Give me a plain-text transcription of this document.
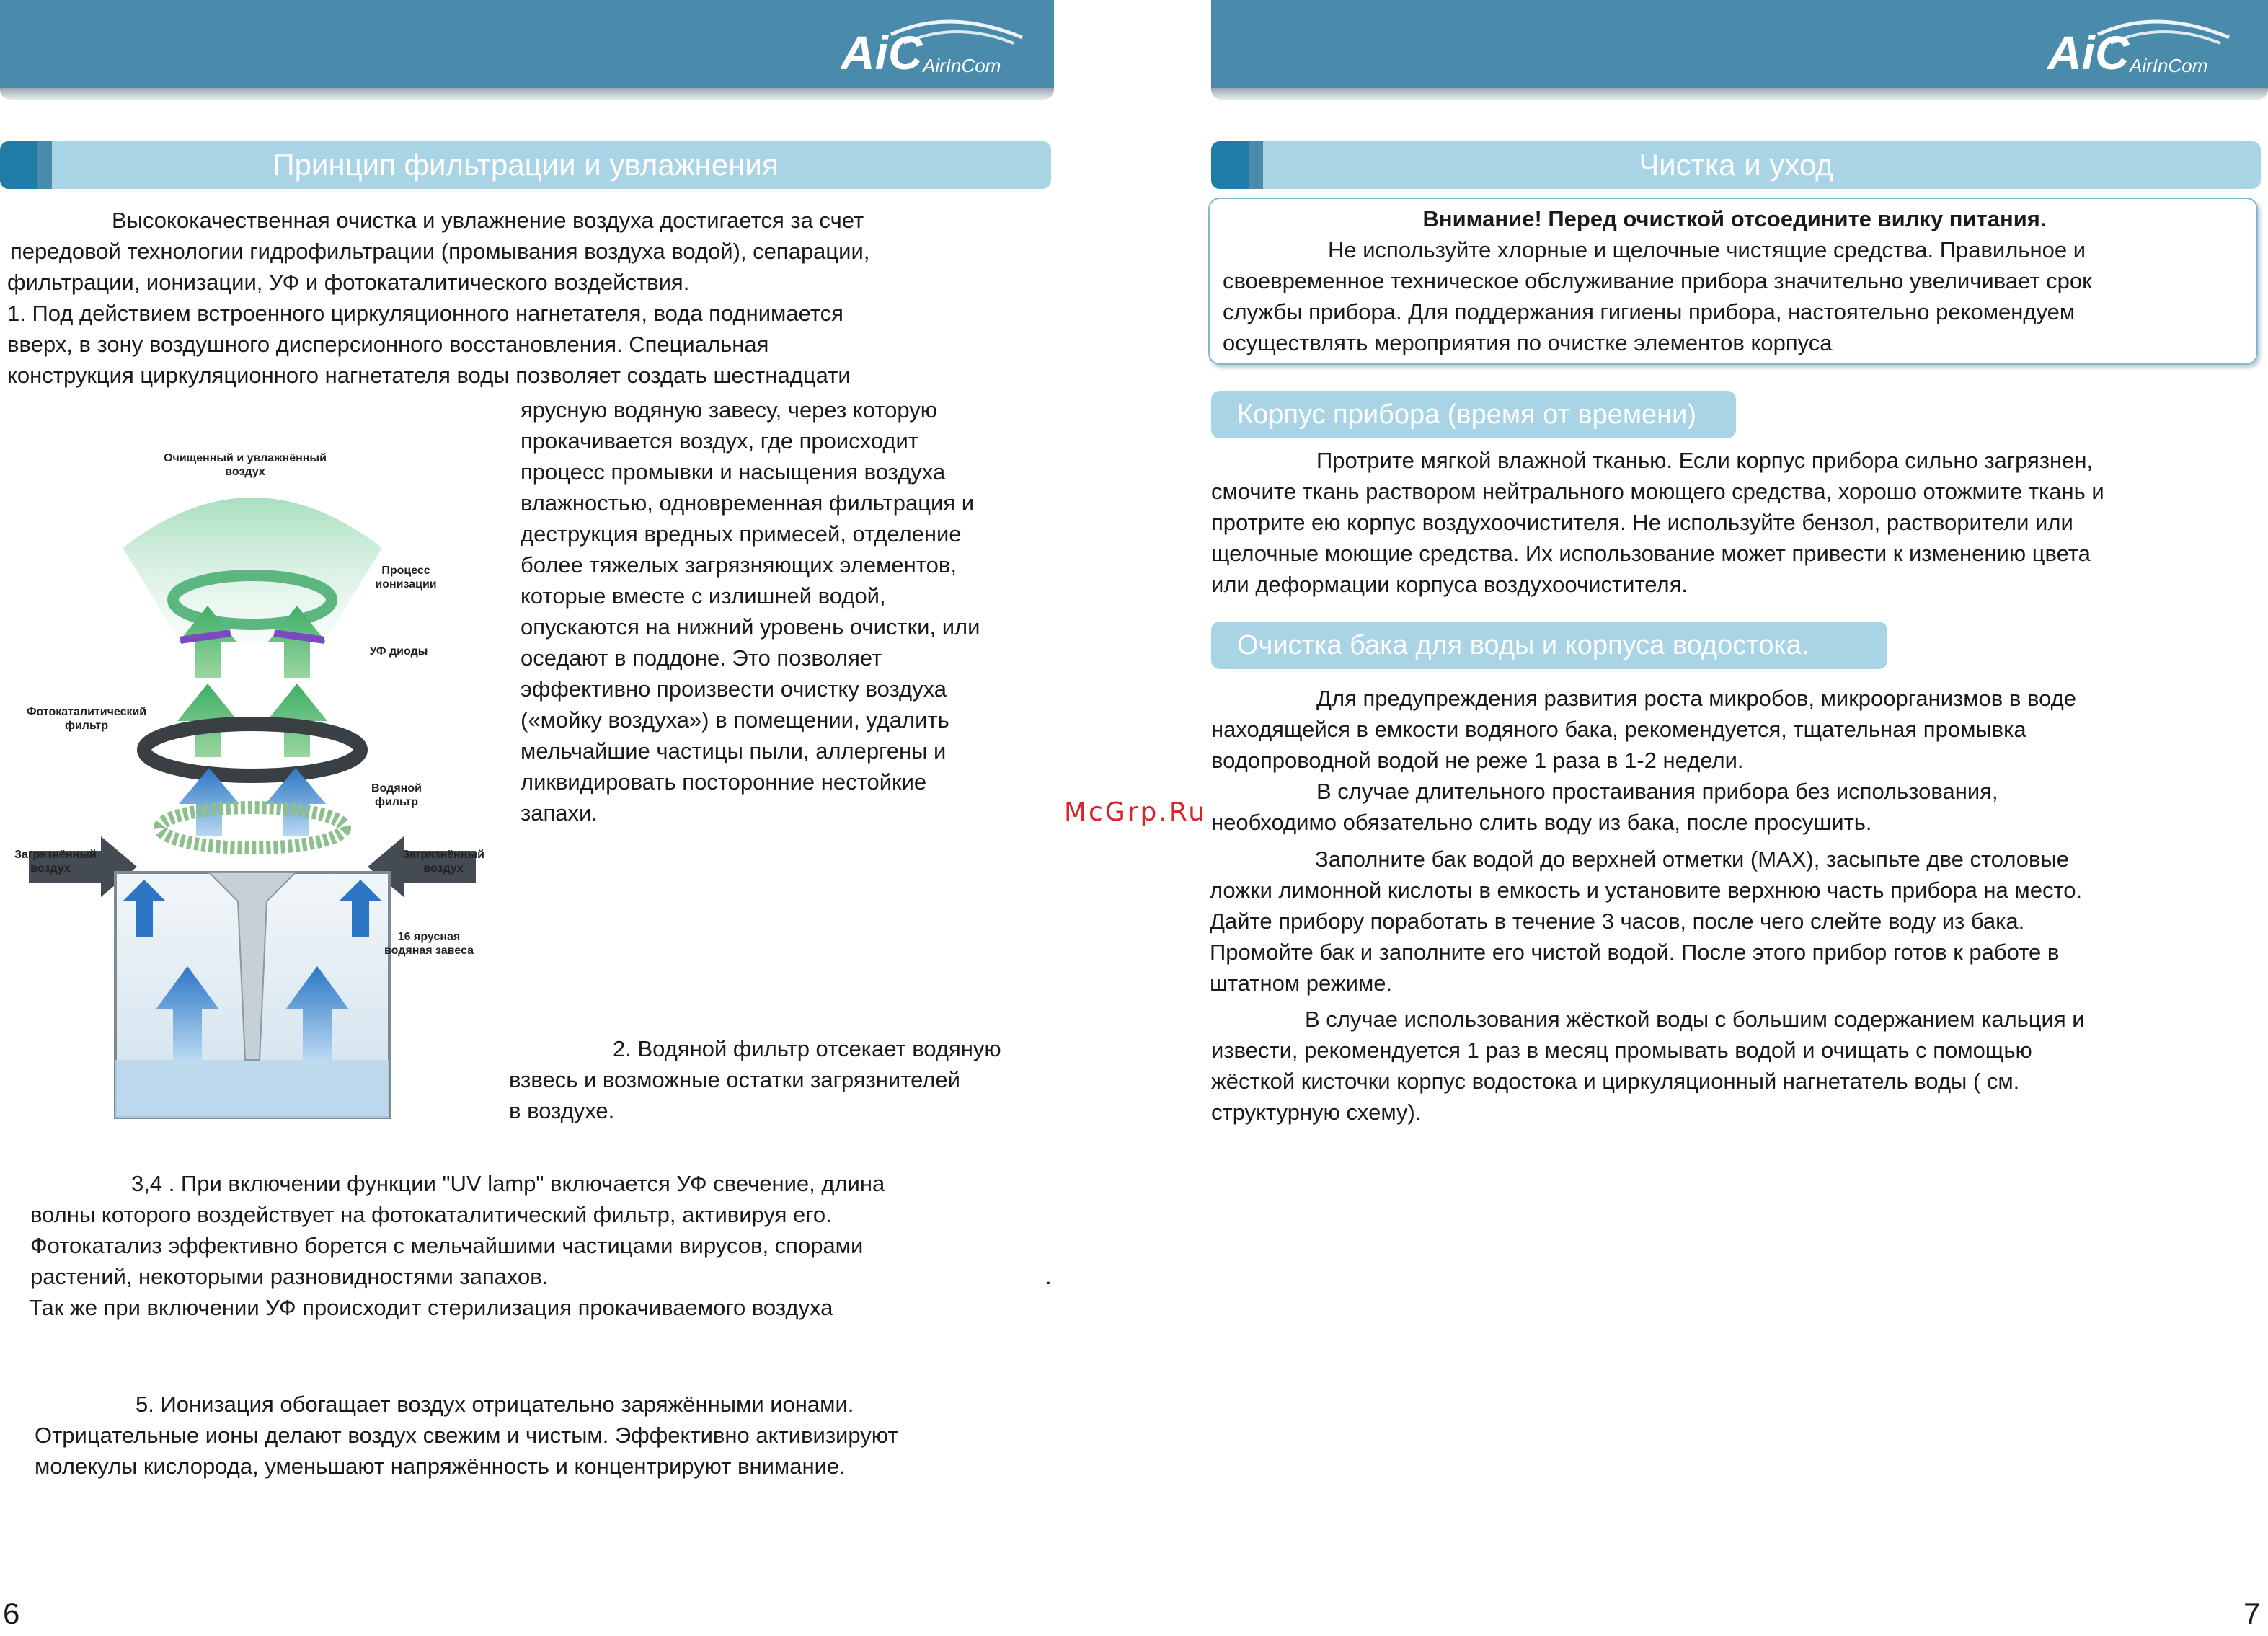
AiC AirInCom	AiC AirInCom
Принцип фильтрации и увлажнения

Высококачественная очистка и увлажнение воздуха достигается за счет

передовой технологии гидрофильтрации (промывания воздуха водой), сепарации,

фильтрации, ионизации, УФ и фотокаталитического воздействия.

1. Под действием встроенного циркуляционного нагнетателя, вода поднимается

вверх, в зону воздушного дисперсионного восстановления. Специальная

конструкция циркуляционного нагнетателя воды позволяет создать шестнадцати

ярусную водяную завесу, через которую

прокачивается воздух, где происходит

процесс промывки и насыщения воздуха

влажностью, одновременная фильтрация и

деструкция вредных примесей, отделение

более тяжелых загрязняющих элементов,

которые вместе с излишней водой,

опускаются на нижний уровень очистки, или

оседают в поддоне. Это позволяет

эффективно произвести очистку воздуха

(«мойку воздуха») в помещении, удалить

мельчайшие частицы пыли, аллергены и

ликвидировать посторонние нестойкие

запахи.

Очищенный и увлажнённый воздух
Процесс ионизации
УФ диоды
Фотокаталитический фильтр
Водяной фильтр
Загрязнённый воздух
Загрязнённый воздух
16 ярусная водяная завеса

2. Водяной фильтр отсекает водяную

взвесь и возможные остатки загрязнителей

в воздухе.

3,4 . При включении функции "UV lamp" включается УФ свечение, длина

волны которого воздействует на фотокаталитический фильтр, активируя его.

Фотокатализ эффективно борется с мельчайшими частицами вирусов, спорами

растений, некоторыми разновидностями запахов.

Так же при включении УФ происходит стерилизация прокачиваемого воздуха

.

5. Ионизация обогащает воздух отрицательно заряжёнными ионами.

Отрицательные ионы делают воздух свежим и чистым. Эффективно активизируют

молекулы кислорода, уменьшают напряжённость и концентрируют внимание.

6
Чистка и уход

Внимание! Перед очисткой отсоедините вилку питания.

Не используйте хлорные и щелочные чистящие средства. Правильное и

своевременное техническое обслуживание прибора значительно увеличивает срок

службы прибора. Для поддержания гигиены прибора, настоятельно рекомендуем

осуществлять мероприятия по очистке элементов корпуса

Корпус прибора (время от времени)

Протрите мягкой влажной тканью. Если корпус прибора сильно загрязнен,

смочите ткань раствором нейтрального моющего средства, хорошо отожмите ткань и

протрите ею корпус воздухоочистителя. Не используйте бензол, растворители или

щелочные моющие средства. Их использование может привести к изменению цвета

или деформации корпуса воздухоочистителя.

Очистка бака для воды и корпуса водостока.

Для предупреждения развития роста микробов, микроорганизмов в воде

находящейся в емкости водяного бака, рекомендуется, тщательная промывка

водопроводной водой не реже 1 раза в 1-2 недели.

В случае длительного простаивания прибора без использования,

необходимо обязательно слить воду из бака, после просушить.

Заполните бак водой до верхней отметки (MAX), засыпьте две столовые

ложки лимонной кислоты в емкость и установите верхнюю часть прибора на место.

Дайте прибору поработать в течение 3 часов, после чего слейте воду из бака.

Промойте бак и заполните его чистой водой. После этого прибор готов к работе в

штатном режиме.

В случае использования жёсткой воды с большим содержанием кальция и

извести, рекомендуется 1 раз в месяц промывать водой и очищать с помощью

жёсткой кисточки корпус водостока и циркуляционный нагнетатель воды ( см.

структурную схему).

7
McGrp.Ru
